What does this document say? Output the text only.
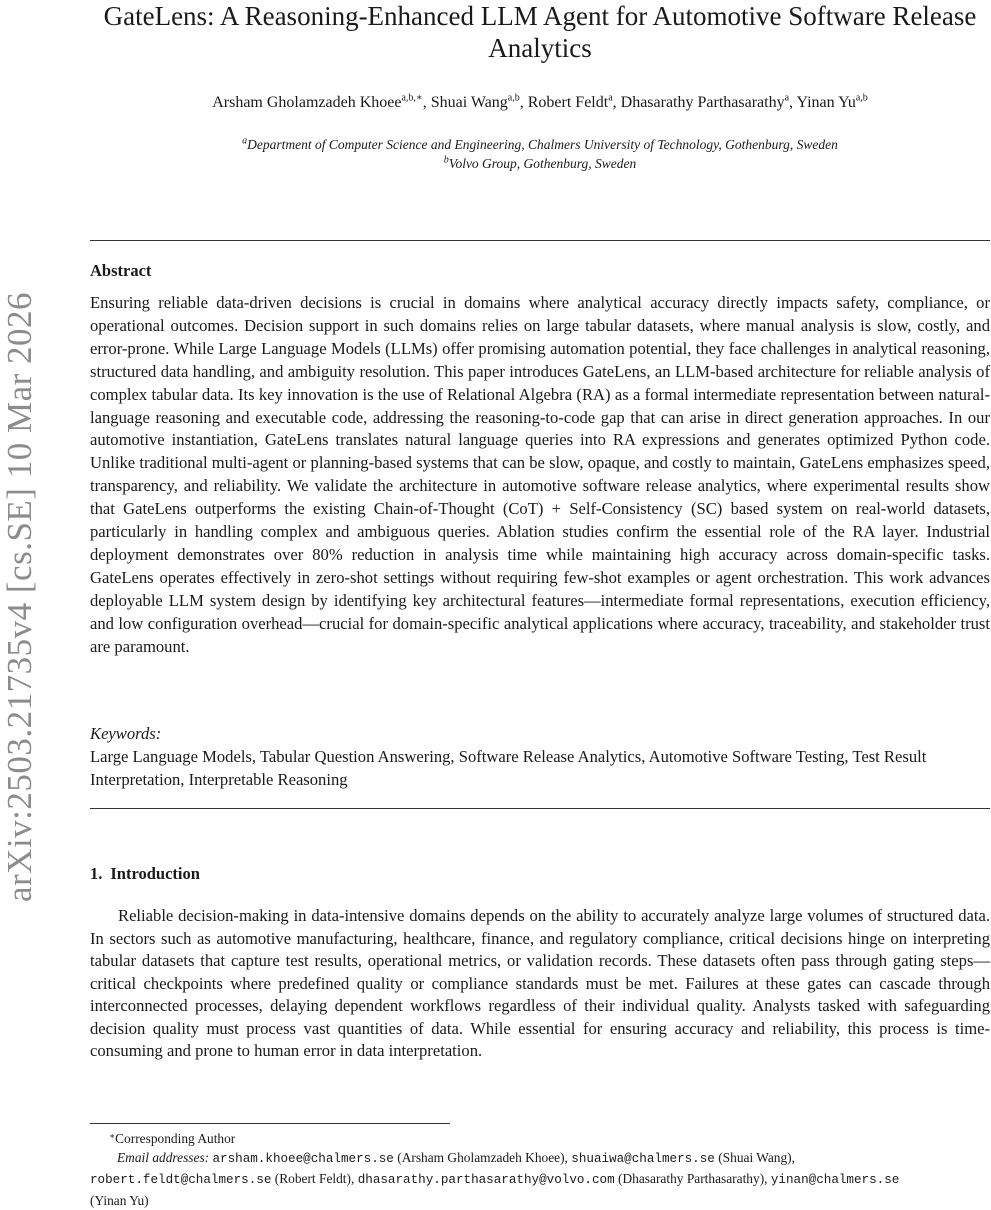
arXiv:2503.21735v4 [cs.SE] 10 Mar 2026
GateLens: A Reasoning-Enhanced LLM Agent for Automotive Software Release Analytics
Arsham Gholamzadeh Khoee$^{a,b,∗}$, Shuai Wang$^{a,b}$, Robert Feldt$^a$, Dhasarathy Parthasarathy$^a$, Yinan Yu$^{a,b}$
$^a$Department of Computer Science and Engineering, Chalmers University of Technology, Gothenburg, Sweden
$^b$Volvo Group, Gothenburg, Sweden
Abstract

Ensuring reliable data-driven decisions is crucial in domains where analytical accuracy directly impacts safety, compliance, or operational outcomes. Decision support in such domains relies on large tabular datasets, where manual analysis is slow, costly, and error-prone. While Large Language Models (LLMs) offer promising automation potential, they face challenges in analytical reasoning, structured data handling, and ambiguity resolution. This paper introduces GateLens, an LLM-based architecture for reliable analysis of complex tabular data. Its key innovation is the use of Relational Algebra (RA) as a formal intermediate representation between natural-language reasoning and executable code, addressing the reasoning-to-code gap that can arise in direct generation approaches. In our automotive instantiation, GateLens translates natural language queries into RA expressions and generates optimized Python code. Unlike traditional multi-agent or planning-based systems that can be slow, opaque, and costly to maintain, GateLens emphasizes speed, transparency, and reliability. We validate the architecture in automotive software release analytics, where experimental results show that GateLens outperforms the existing Chain-of-Thought (CoT) + Self-Consistency (SC) based system on real-world datasets, particularly in handling complex and ambiguous queries. Ablation studies confirm the essential role of the RA layer. Industrial deployment demonstrates over 80% reduction in analysis time while maintaining high accuracy across domain-specific tasks. GateLens operates effectively in zero-shot settings without requiring few-shot examples or agent orchestration. This work advances deployable LLM system design by identifying key architectural features—intermediate formal representations, execution efficiency, and low configuration overhead—crucial for domain-specific analytical applications where accuracy, traceability, and stakeholder trust are paramount.

Keywords:

Large Language Models, Tabular Question Answering, Software Release Analytics, Automotive Software Testing, Test Result Interpretation, Interpretable Reasoning

1. Introduction

Reliable decision-making in data-intensive domains depends on the ability to accurately analyze large volumes of structured data. In sectors such as automotive manufacturing, healthcare, finance, and regulatory compliance, critical decisions hinge on interpreting tabular datasets that capture test results, operational metrics, or validation records. These datasets often pass through gating steps—critical checkpoints where predefined quality or compliance standards must be met. Failures at these gates can cascade through interconnected processes, delaying dependent workflows regardless of their individual quality. Analysts tasked with safeguarding decision quality must process vast quantities of data. While essential for ensuring accuracy and reliability, this process is time-consuming and prone to human error in data interpretation.

∗Corresponding Author
Email addresses: arsham.khoee@chalmers.se (Arsham Gholamzadeh Khoee), shuaiwa@chalmers.se (Shuai Wang),
robert.feldt@chalmers.se (Robert Feldt), dhasarathy.parthasarathy@volvo.com (Dhasarathy Parthasarathy), yinan@chalmers.se
(Yinan Yu)
